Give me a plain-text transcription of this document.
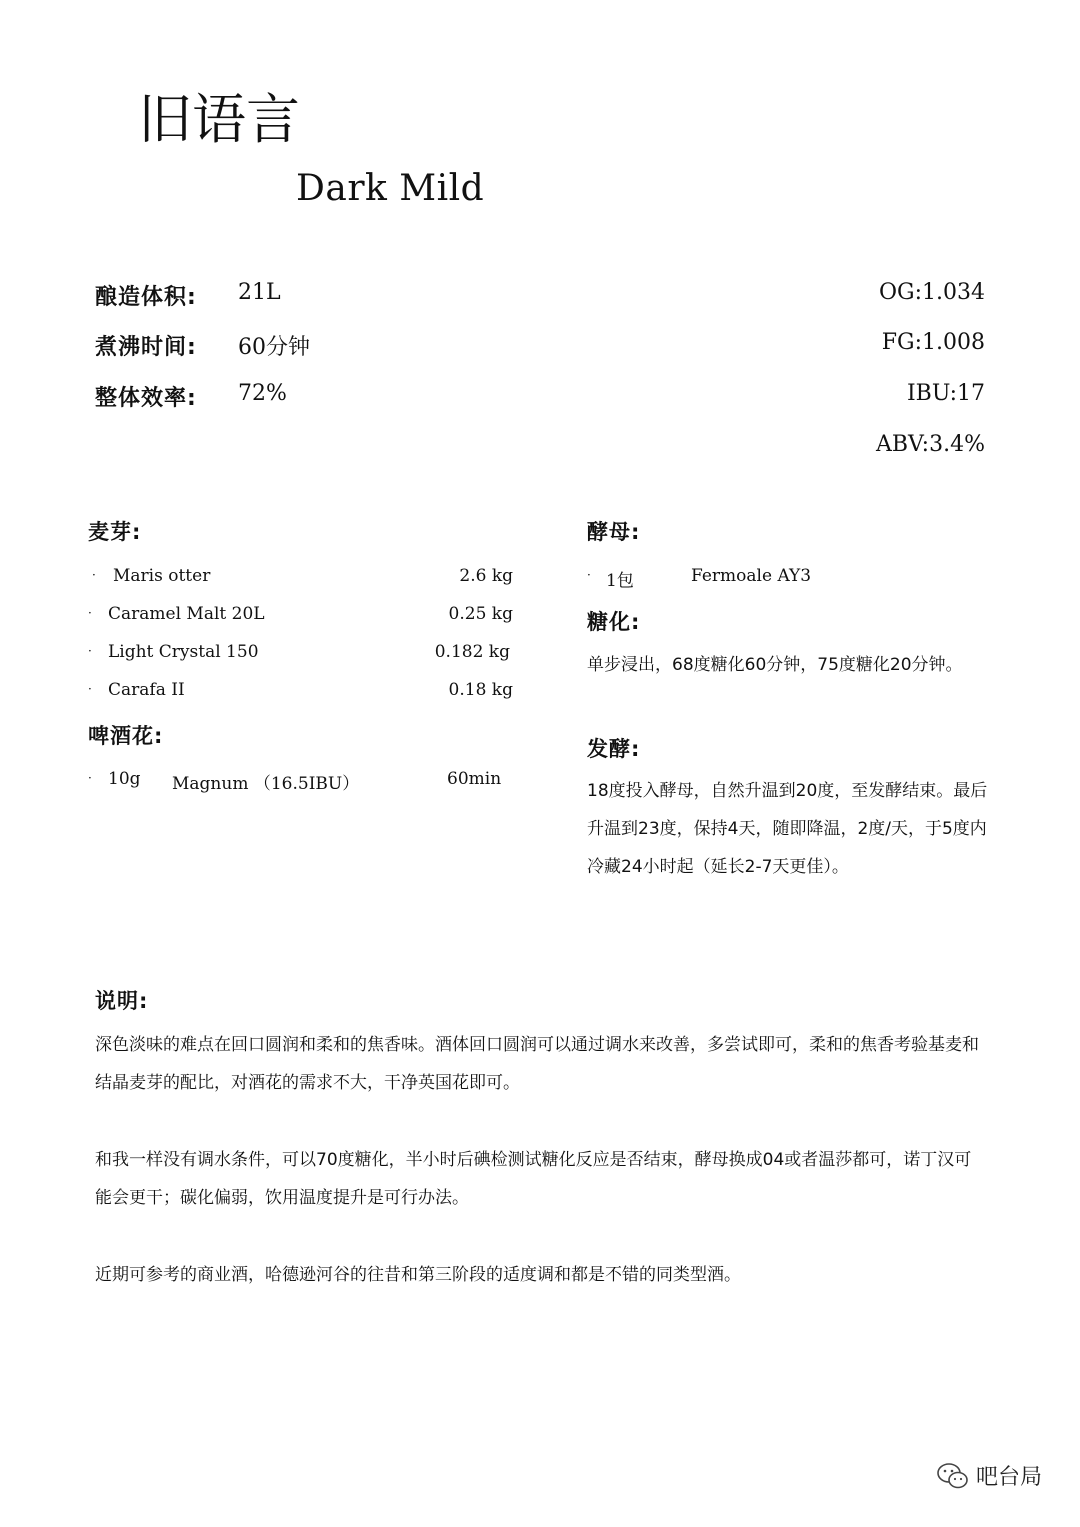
旧语言
Dark Mild
酿造体积: 21L
煮沸时间: 60分钟
整体效率: 72%
OG:1.034
FG:1.008
IBU:17
ABV:3.4%
麦芽:
· Maris otter	2.6 kg
· Caramel Malt 20L	0.25 kg
· Light Crystal 150	0.182 kg
· Carafa II	0.18 kg
啤酒花:
· 10g Magnum （16.5IBU）	60min
酵母:
· 1包	Fermoale AY3
糖化:
单步浸出，68度糖化60分钟，75度糖化20分钟。
发酵:
18度投入酵母，自然升温到20度，至发酵结束。最后升温到23度，保持4天，随即降温，2度/天，于5度内冷藏24小时起（延长2-7天更佳）。
说明:
深色淡味的难点在回口圆润和柔和的焦香味。酒体回口圆润可以通过调水来改善，多尝试即可，柔和的焦香考验基麦和结晶麦芽的配比，对酒花的需求不大，干净英国花即可。
和我一样没有调水条件，可以70度糖化，半小时后碘检测试糖化反应是否结束，酵母换成04或者温莎都可，诺丁汉可能会更干；碳化偏弱，饮用温度提升是可行办法。
近期可参考的商业酒，哈德逊河谷的往昔和第三阶段的适度调和都是不错的同类型酒。
吧台局
